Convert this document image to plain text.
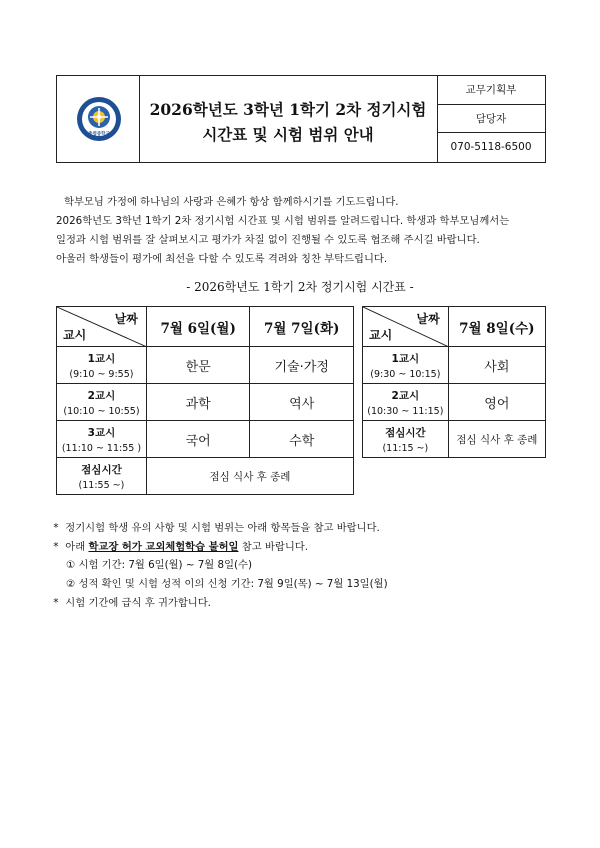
CHUNGRYONG MIDDLE SCHOOL
충령중학교
2026학년도 3학년 1학기 2차 정기시험
시간표 및 시험 범위 안내
교무기획부
담당자
070-5118-6500

학부모님 가정에 하나님의 사랑과 은혜가 항상 함께하시기를 기도드립니다.

2026학년도 3학년 1학기 2차 정기시험 시간표 및 시험 범위를 알려드립니다. 학생과 학부모님께서는

일정과 시험 범위를 잘 살펴보시고 평가가 차질 없이 진행될 수 있도록 협조해 주시길 바랍니다.

아울러 학생들이 평가에 최선을 다할 수 있도록 격려와 칭찬 부탁드립니다.

- 2026학년도 1학기 2차 정기시험 시간표 -
날짜
교시	7월 6일(월)	7월 7일(화)

1교시
(9:10 ~ 9:55)	한문	기술·가정

2교시
(10:10 ~ 10:55)	과학	역사

3교시
(11:10 ~ 11:55 )	국어	수학

점심시간
(11:55 ~)	점심 식사 후 종례	
날짜
교시	7월 8일(수)

1교시
(9:30 ~ 10:15)	사회

2교시
(10:30 ~ 11:15)	영어

점심시간
(11:15 ~)	점심 식사 후 종례
* 정기시험 학생 유의 사항 및 시험 범위는 아래 항목들을 참고 바랍니다.
* 아래 학교장 허가 교외체험학습 불허일 참고 바랍니다.
① 시험 기간: 7월 6일(월) ~ 7월 8일(수)
② 성적 확인 및 시험 성적 이의 신청 기간: 7월 9일(목) ~ 7월 13일(월)
* 시험 기간에 급식 후 귀가합니다.
